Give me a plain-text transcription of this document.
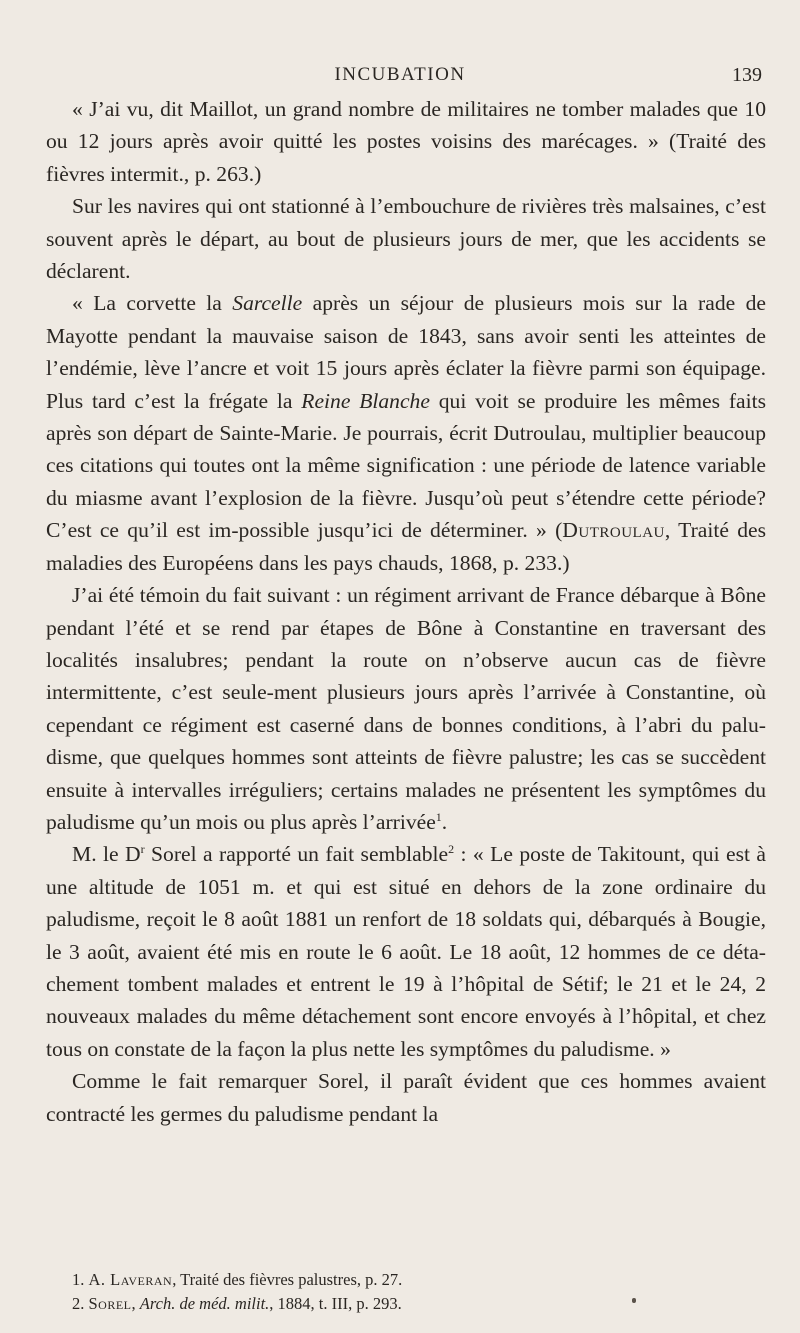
INCUBATION	139

« J’ai vu, dit Maillot, un grand nombre de militaires ne tomber malades que 10 ou 12 jours après avoir quitté les postes voisins des marécages. » (Traité des fièvres intermit., p. 263.)

Sur les navires qui ont stationné à l’embouchure de rivières très malsaines, c’est souvent après le départ, au bout de plusieurs jours de mer, que les accidents se déclarent.

« La corvette la Sarcelle après un séjour de plusieurs mois sur la rade de Mayotte pendant la mauvaise saison de 1843, sans avoir senti les atteintes de l’endémie, lève l’ancre et voit 15 jours après éclater la fièvre parmi son équipage. Plus tard c’est la frégate la Reine Blanche qui voit se produire les mêmes faits après son départ de Sainte-Marie. Je pourrais, écrit Dutroulau, multiplier beaucoup ces citations qui toutes ont la même signification : une période de latence variable du miasme avant l’explosion de la fièvre. Jusqu’où peut s’étendre cette période? C’est ce qu’il est im-possible jusqu’ici de déterminer. » (Dutroulau, Traité des maladies des Européens dans les pays chauds, 1868, p. 233.)

J’ai été témoin du fait suivant : un régiment arrivant de France débarque à Bône pendant l’été et se rend par étapes de Bône à Constantine en traversant des localités insalubres; pendant la route on n’observe aucun cas de fièvre intermittente, c’est seule-ment plusieurs jours après l’arrivée à Constantine, où cependant ce régiment est caserné dans de bonnes conditions, à l’abri du palu-disme, que quelques hommes sont atteints de fièvre palustre; les cas se succèdent ensuite à intervalles irréguliers; certains malades ne présentent les symptômes du paludisme qu’un mois ou plus après l’arrivée$^1$.

M. le $D^r$ Sorel a rapporté un fait semblable$^2$ : « Le poste de Takitount, qui est à une altitude de 1051 m. et qui est situé en dehors de la zone ordinaire du paludisme, reçoit le 8 août 1881 un renfort de 18 soldats qui, débarqués à Bougie, le 3 août, avaient été mis en route le 6 août. Le 18 août, 12 hommes de ce déta-chement tombent malades et entrent le 19 à l’hôpital de Sétif; le 21 et le 24, 2 nouveaux malades du même détachement sont encore envoyés à l’hôpital, et chez tous on constate de la façon la plus nette les symptômes du paludisme. »

Comme le fait remarquer Sorel, il paraît évident que ces hommes avaient contracté les germes du paludisme pendant la

1. A. Laveran, Traité des fièvres palustres, p. 27.

2. Sorel, Arch. de méd. milit., 1884, t. III, p. 293.
